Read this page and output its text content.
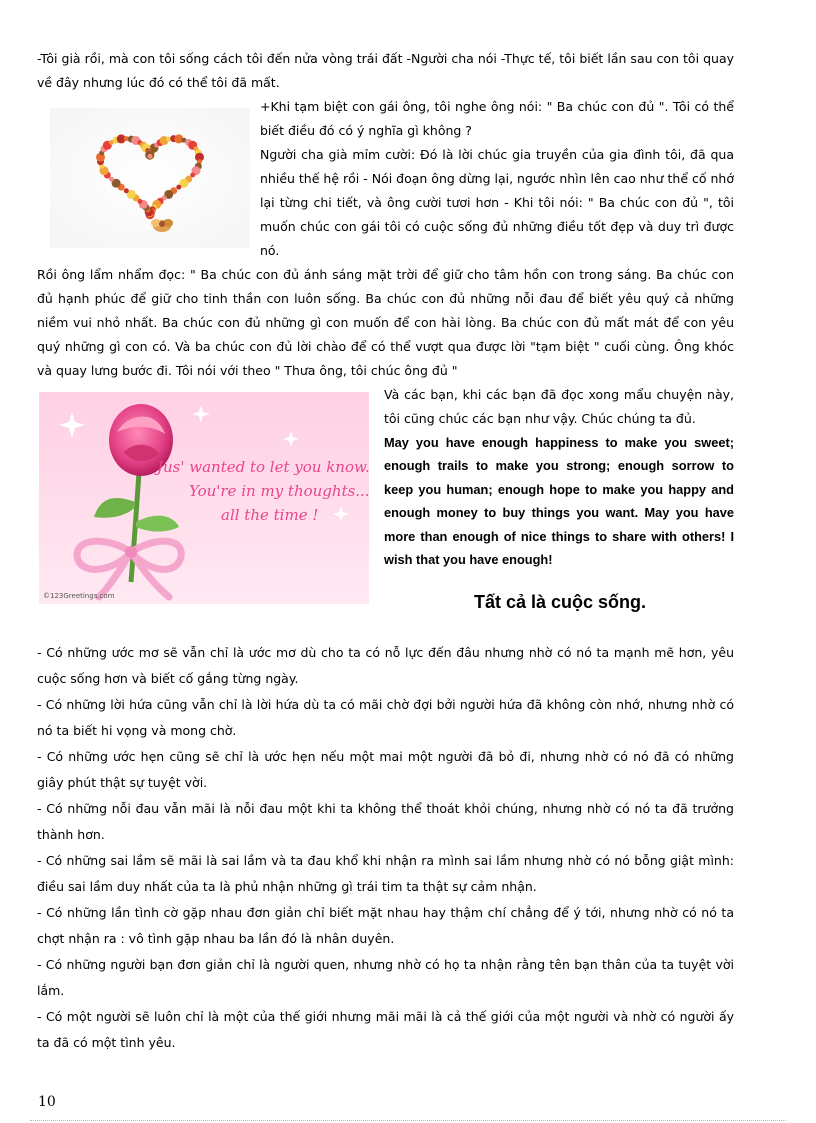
-Tôi già rồi, mà con tôi sống cách tôi đến nửa vòng trái đất -Người cha nói -Thực tế, tôi biết lần sau con tôi quay về đây nhưng lúc đó có thể tôi đã mất.
+Khi tạm biệt con gái ông, tôi nghe ông nói: " Ba chúc con đủ ". Tôi có thể biết điều đó có ý nghĩa gì không ?
Người cha già mỉm cười: Đó là lời chúc gia truyền của gia đình tôi, đã qua nhiều thế hệ rồi - Nói đoạn ông dừng lại, ngước nhìn lên cao như thể cố nhớ lại từng chi tiết, và ông cười tươi hơn - Khi tôi nói: " Ba chúc con đủ ", tôi muốn chúc con gái tôi có cuộc sống đủ những điều tốt đẹp và duy trì được nó.
Rồi ông lẩm nhẩm đọc: " Ba chúc con đủ ánh sáng mặt trời để giữ cho tâm hồn con trong sáng. Ba chúc con đủ hạnh phúc để giữ cho tinh thần con luôn sống. Ba chúc con đủ những nỗi đau để biết yêu quý cả những niềm vui nhỏ nhất. Ba chúc con đủ những gì con muốn để con hài lòng. Ba chúc con đủ mất mát để con yêu quý những gì con có. Và ba chúc con đủ lời chào để có thể vượt qua được lời "tạm biệt " cuối cùng. Ông khóc và quay lưng bước đi. Tôi nói với theo " Thưa ông, tôi chúc ông đủ "
Jus' wanted to let you know...
You're in my thoughts...
all the time !
©123Greetings.com
Và các bạn, khi các bạn đã đọc xong mẩu chuyện này, tôi cũng chúc các bạn như vậy. Chúc chúng ta đủ.
May you have enough happiness to make you sweet; enough trails to make you strong; enough sorrow to keep you human; enough hope to make you happy and enough money to buy things you want. May you have more than enough of nice things to share with others! I wish that you have enough!
Tất cả là cuộc sống.

- Có những ước mơ sẽ vẫn chỉ là ước mơ dù cho ta có nỗ lực đến đâu nhưng nhờ có nó ta mạnh mẽ hơn, yêu cuộc sống hơn và biết cố gắng từng ngày.

- Có những lời hứa cũng vẫn chỉ là lời hứa dù ta có mãi chờ đợi bởi người hứa đã không còn nhớ, nhưng nhờ có nó ta biết hi vọng và mong chờ.

- Có những ước hẹn cũng sẽ chỉ là ước hẹn nếu một mai một người đã bỏ đi, nhưng nhờ có nó đã có những giây phút thật sự tuyệt vời.

- Có những nỗi đau vẫn mãi là nỗi đau một khi ta không thể thoát khỏi chúng, nhưng nhờ có nó ta đã trưởng thành hơn.

- Có những sai lầm sẽ mãi là sai lầm và ta đau khổ khi nhận ra mình sai lầm nhưng nhờ có nó bỗng giật mình: điều sai lầm duy nhất của ta là phủ nhận những gì trái tim ta thật sự cảm nhận.

- Có những lần tình cờ gặp nhau đơn giản chỉ biết mặt nhau hay thậm chí chẳng để ý tới, nhưng nhờ có nó ta chợt nhận ra : vô tình gặp nhau ba lần đó là nhân duyên.

- Có những người bạn đơn giản chỉ là người quen, nhưng nhờ có họ ta nhận rằng tên bạn thân của ta tuyệt vời lắm.

- Có một người sẽ luôn chỉ là một của thế giới nhưng mãi mãi là cả thế giới của một người và nhờ có người ấy ta đã có một tình yêu.

10
